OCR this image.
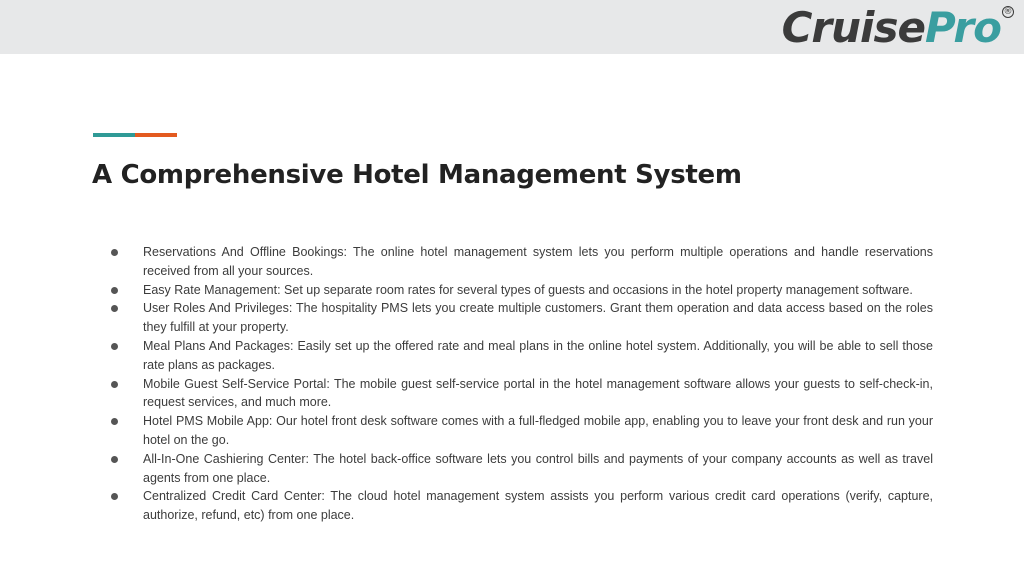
CruisePro ®
A Comprehensive Hotel Management System
Reservations And Offline Bookings: The online hotel management system lets you perform multiple operations and handle reservations received from all your sources.
Easy Rate Management: Set up separate room rates for several types of guests and occasions in the hotel property management software.
User Roles And Privileges: The hospitality PMS lets you create multiple customers. Grant them operation and data access based on the roles they fulfill at your property.
Meal Plans And Packages: Easily set up the offered rate and meal plans in the online hotel system. Additionally, you will be able to sell those rate plans as packages.
Mobile Guest Self-Service Portal: The mobile guest self-service portal in the hotel management software allows your guests to self-check-in, request services, and much more.
Hotel PMS Mobile App: Our hotel front desk software comes with a full-fledged mobile app, enabling you to leave your front desk and run your hotel on the go.
All-In-One Cashiering Center: The hotel back-office software lets you control bills and payments of your company accounts as well as travel agents from one place.
Centralized Credit Card Center: The cloud hotel management system assists you perform various credit card operations (verify, capture, authorize, refund, etc) from one place.
